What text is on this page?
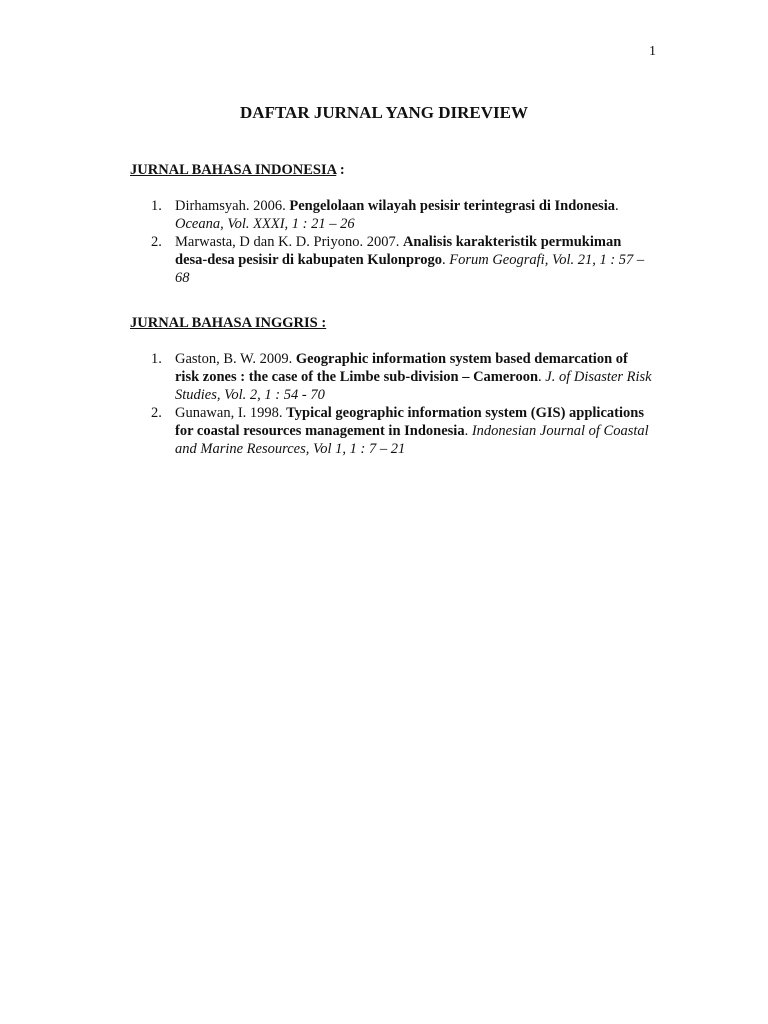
1
DAFTAR JURNAL YANG DIREVIEW

JURNAL BAHASA INDONESIA :

1. Dirhamsyah. 2006. Pengelolaan wilayah pesisir terintegrasi di Indonesia. Oceana, Vol. XXXI, 1 : 21 – 26
2. Marwasta, D dan K. D. Priyono. 2007. Analisis karakteristik permukiman desa-desa pesisir di kabupaten Kulonprogo. Forum Geografi, Vol. 21, 1 : 57 – 68

JURNAL BAHASA INGGRIS :

1. Gaston, B. W. 2009. Geographic information system based demarcation of risk zones : the case of the Limbe sub-division – Cameroon. J. of Disaster Risk Studies, Vol. 2, 1 : 54 - 70
2. Gunawan, I. 1998. Typical geographic information system (GIS) applications for coastal resources management in Indonesia. Indonesian Journal of Coastal and Marine Resources, Vol 1, 1 : 7 – 21
